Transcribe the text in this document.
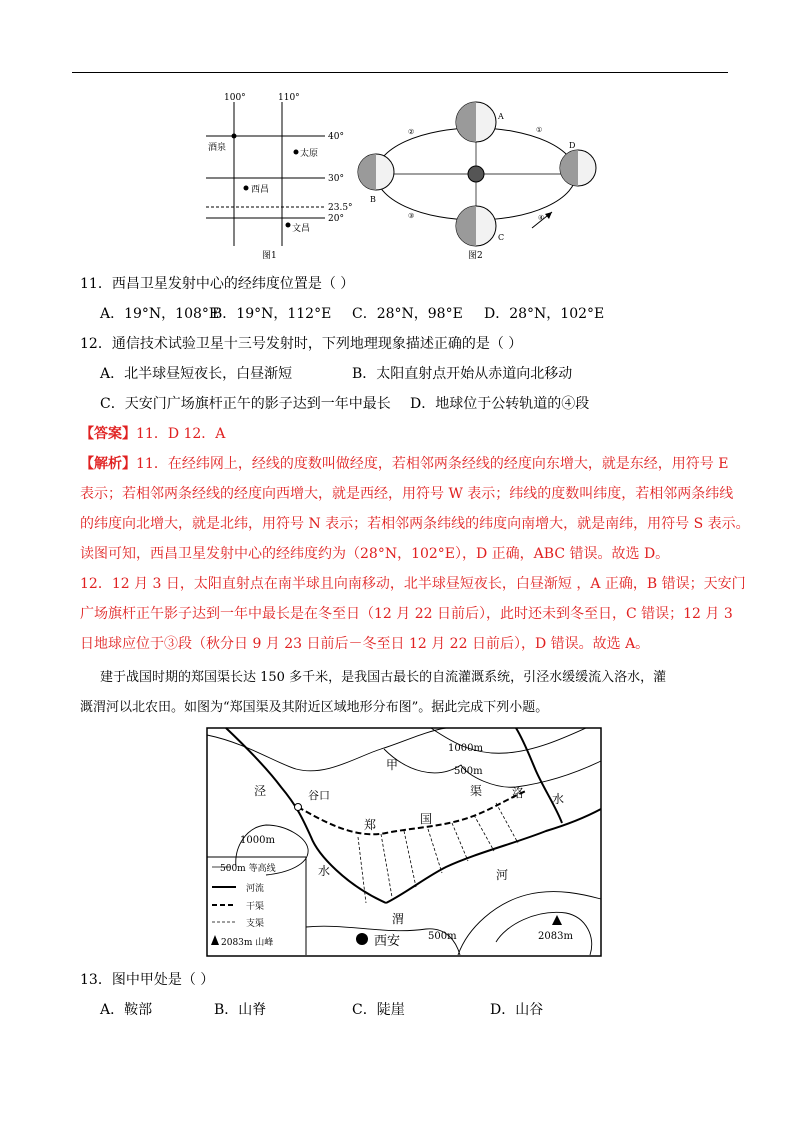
100°	110°
40°
30°
23.5°
20°
酒泉
太原
西昌
文昌
图1
A
B
C
D
①
②
③	④
图2
11．西昌卫星发射中心的经纬度位置是（ ）
A．19°N，108°EB．19°N，112°E C．28°N，98°E D．28°N，102°E
12．通信技术试验卫星十三号发射时，下列地理现象描述正确的是（ ）
A．北半球昼短夜长，白昼渐短	B．太阳直射点开始从赤道向北移动
C．天安门广场旗杆正午的影子达到一年中最长 D．地球位于公转轨道的④段
【答案】11．D 12．A
【解析】11．在经纬网上，经线的度数叫做经度，若相邻两条经线的经度向东增大，就是东经，用符号 E
表示；若相邻两条经线的经度向西增大，就是西经，用符号 W 表示；纬线的度数叫纬度，若相邻两条纬线
的纬度向北增大，就是北纬，用符号 N 表示；若相邻两条纬线的纬度向南增大，就是南纬，用符号 S 表示。
读图可知，西昌卫星发射中心的经纬度约为（28°N，102°E），D 正确，ABC 错误。故选 D。
12．12 月 3 日，太阳直射点在南半球且向南移动，北半球昼短夜长，白昼渐短 ，A 正确，B 错误；天安门
广场旗杆正午影子达到一年中最长是在冬至日（12 月 22 日前后），此时还未到冬至日，C 错误；12 月 3
日地球应位于③段（秋分日 9 月 23 日前后－冬至日 12 月 22 日前后），D 错误。故选 A。
建于战国时期的郑国渠长达 150 多千米，是我国古最长的自流灌溉系统，引泾水缓缓流入洛水，灌
溉渭河以北农田。如图为“郑国渠及其附近区域地形分布图”。据此完成下列小题。
1000m
500m
甲
谷口
泾
郑	国
渠 洛 水
1000m
水	河
渭
西安	500m	2083m
500m 等高线
河流
干渠
支渠
2083m 山峰
13．图中甲处是（ ）
A．鞍部	B．山脊	C．陡崖	D．山谷
